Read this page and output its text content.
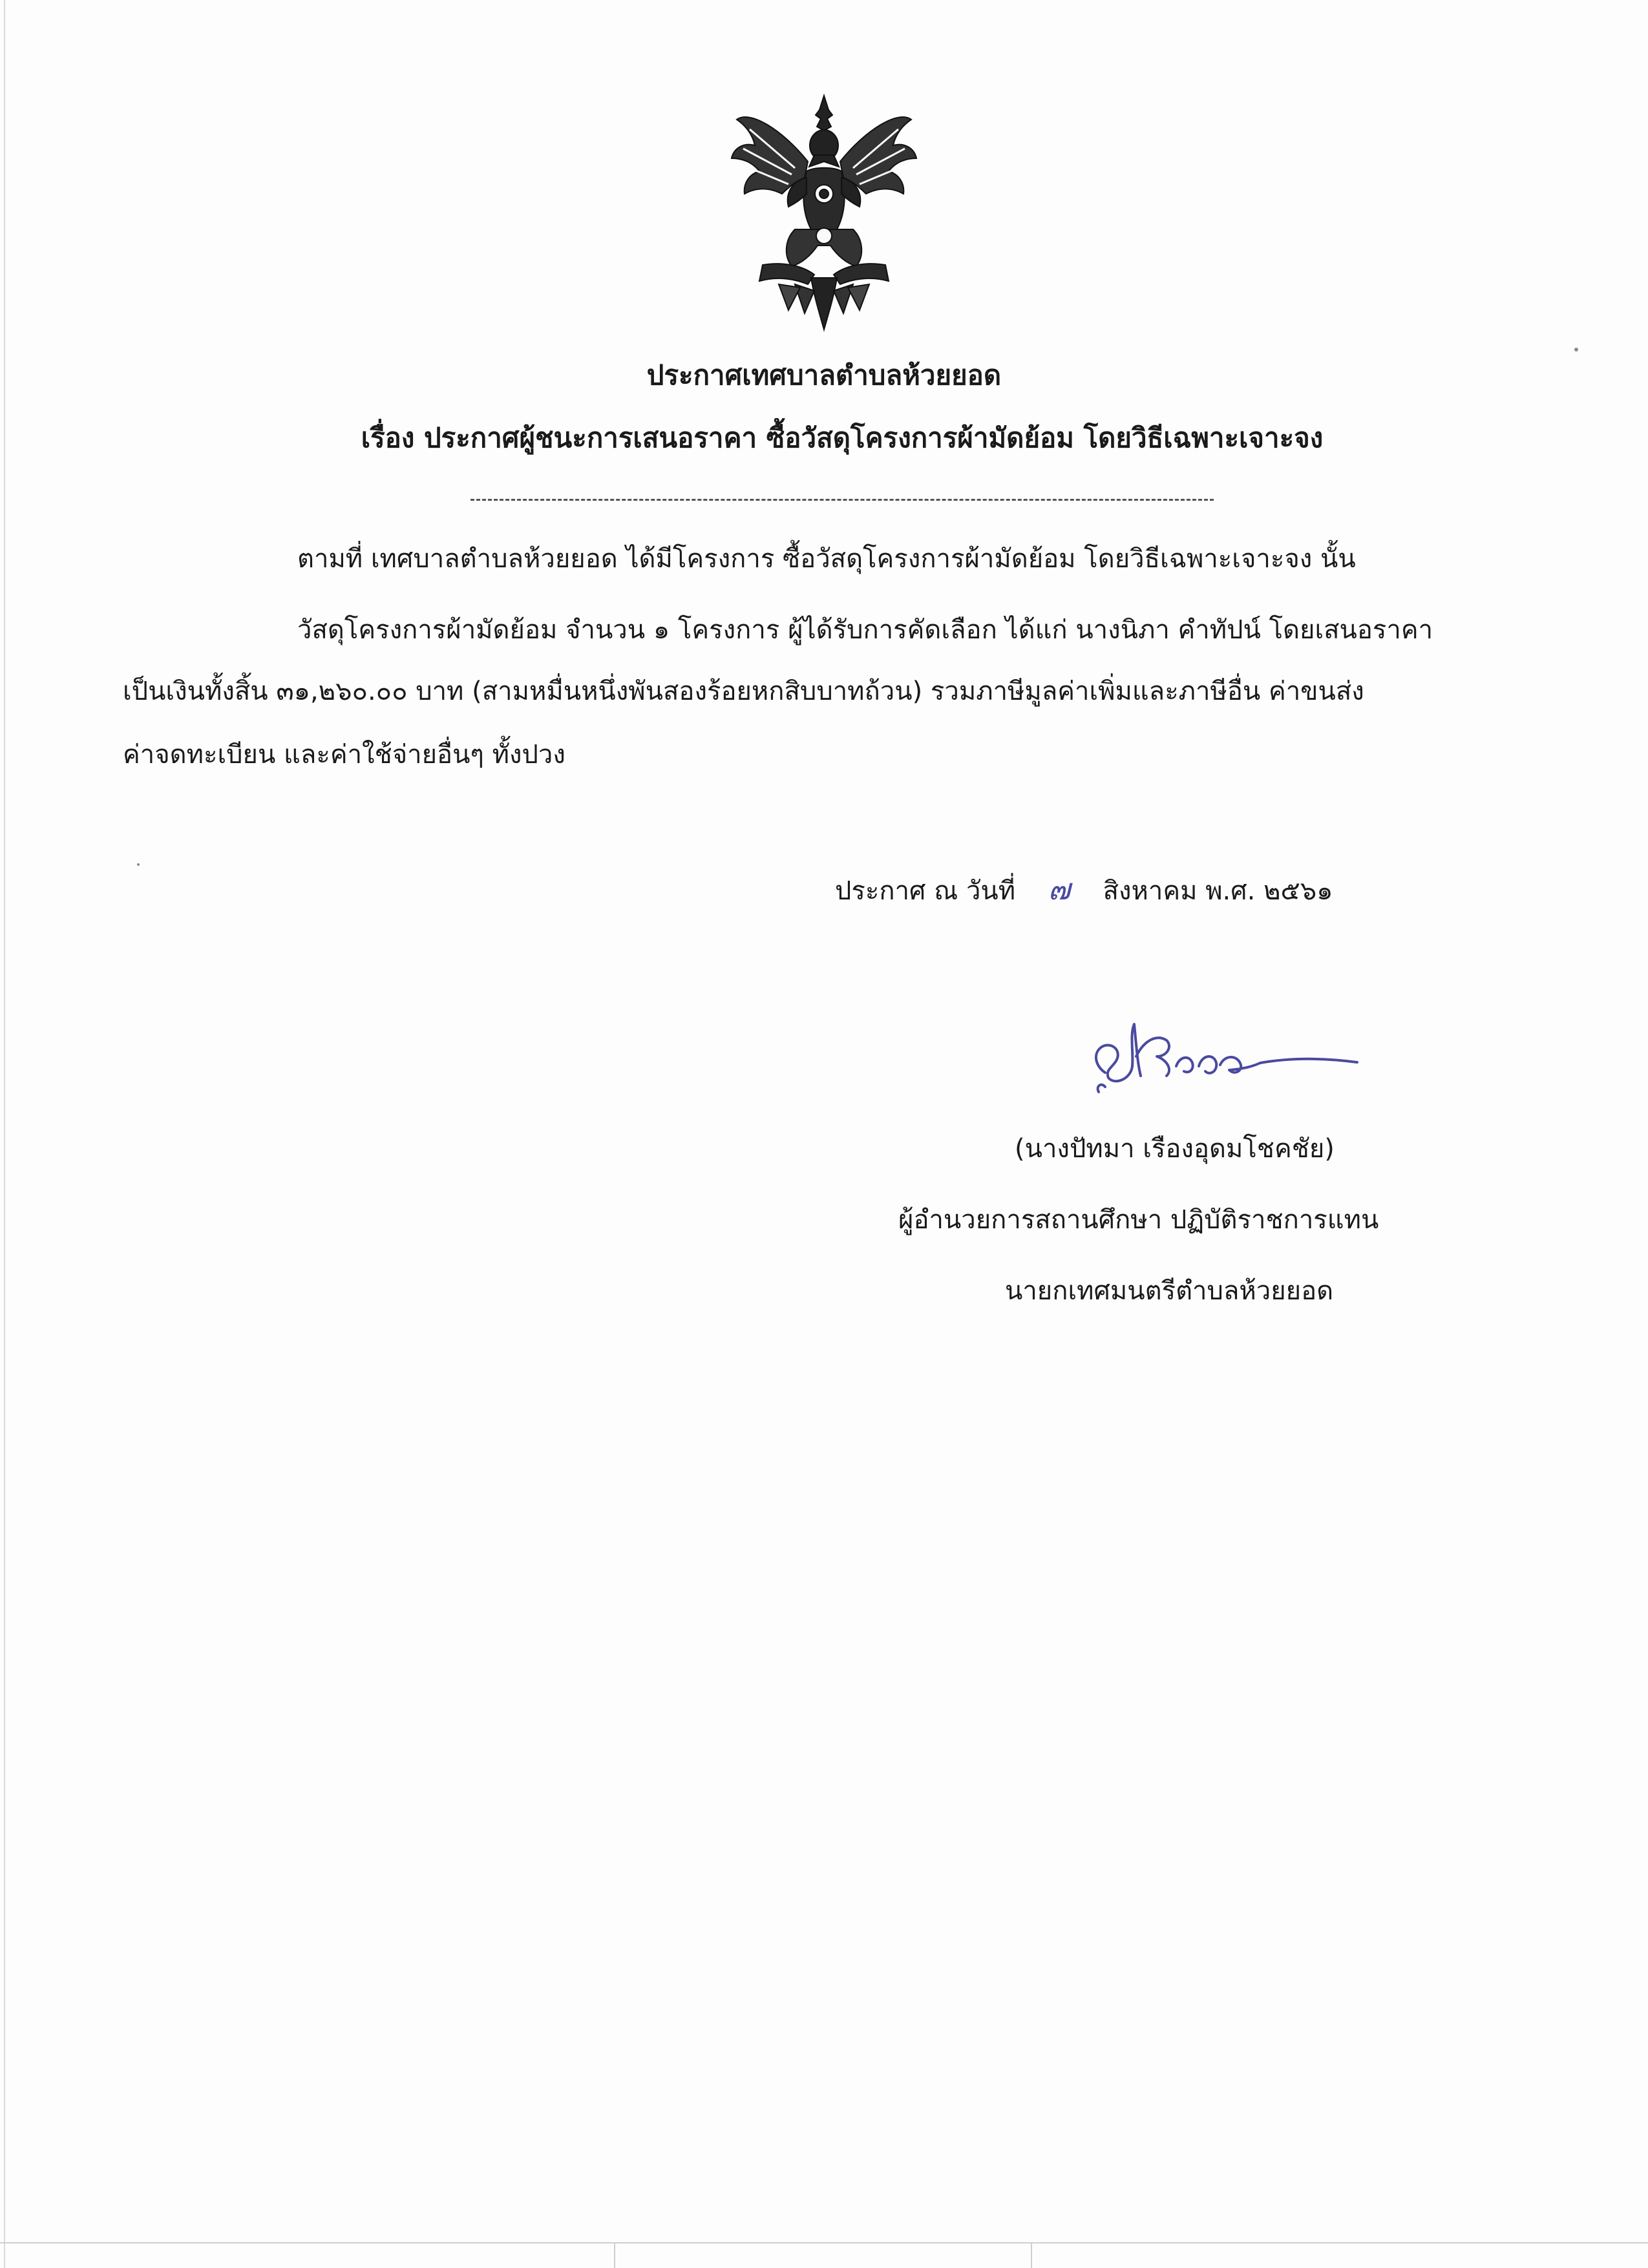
ประกาศเทศบาลตำบลห้วยยอด
เรื่อง ประกาศผู้ชนะการเสนอราคา ซื้อวัสดุโครงการผ้ามัดย้อม โดยวิธีเฉพาะเจาะจง
ตามที่ เทศบาลตำบลห้วยยอด ได้มีโครงการ ซื้อวัสดุโครงการผ้ามัดย้อม โดยวิธีเฉพาะเจาะจง นั้น
วัสดุโครงการผ้ามัดย้อม จำนวน ๑ โครงการ ผู้ได้รับการคัดเลือก ได้แก่ นางนิภา คำทัปน์ โดยเสนอราคา
เป็นเงินทั้งสิ้น ๓๑,๒๖๐.๐๐ บาท (สามหมื่นหนึ่งพันสองร้อยหกสิบบาทถ้วน) รวมภาษีมูลค่าเพิ่มและภาษีอื่น ค่าขนส่ง
ค่าจดทะเบียน และค่าใช้จ่ายอื่นๆ ทั้งปวง
ประกาศ ณ วันที่ ๗ สิงหาคม พ.ศ. ๒๕๖๑
(นางปัทมา เรืองอุดมโชคชัย)
ผู้อำนวยการสถานศึกษา ปฏิบัติราชการแทน
นายกเทศมนตรีตำบลห้วยยอด
